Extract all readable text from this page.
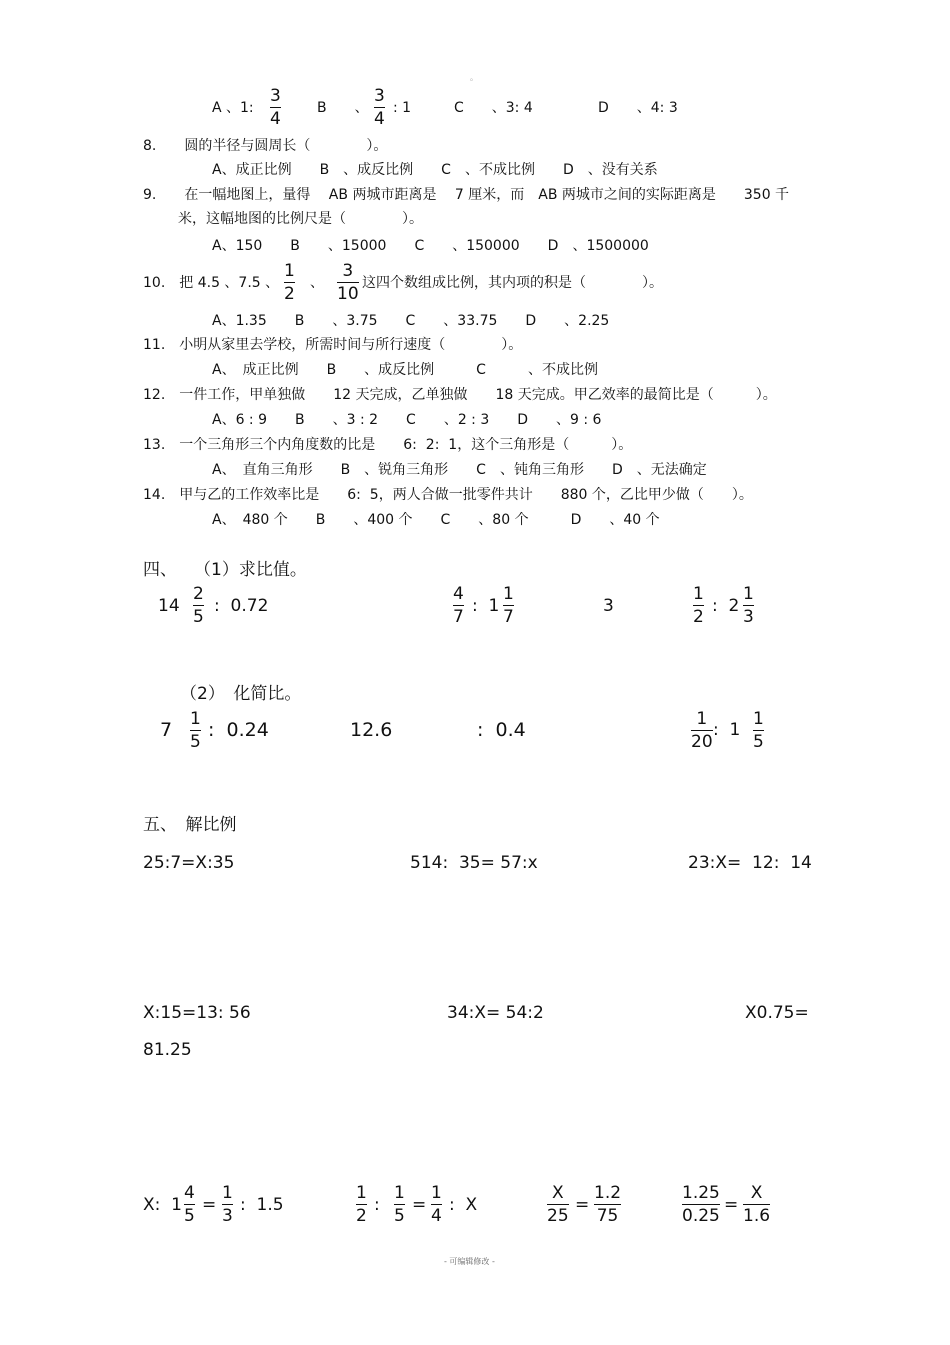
。
A 、1:
3
4
B　　、
3
4
: 1	C　　、3: 4	D　　、4: 3
8.　　圆的半径与圆周长（　　　　）。
A、成正比例　　B　、成反比例　　C　、不成比例　　D　、没有关系
9.　　在一幅地图上，量得　 AB 两城市距离是　 7 厘米，而　AB 两城市之间的实际距离是　　350 千
米，这幅地图的比例尺是（　　　　）。
A、150　　B　　、15000　　C　　、150000　　D　、1500000
10.　把 4.5 、7.5 、
1
2
、
3
10
这四个数组成比例，其内项的积是（　　　　）。
A、1.35　　B　　、3.75　　C　　、33.75　　D　　、2.25
11.　小明从家里去学校，所需时间与所行速度（　　　　）。
A、　成正比例　　B　　、成反比例　　　C　　　、不成比例
12.　一件工作，甲单独做　　12 天完成，乙单独做　　18 天完成。甲乙效率的最简比是（　　　）。
A、6 : 9　　B　　、3 : 2　　C　　、2 : 3　　D　　、9 : 6
13.　一个三角形三个内角度数的比是　　6:  2:  1，这个三角形是（　　　）。
A、　直角三角形　　B　、锐角三角形　　C　、钝角三角形　　D　、无法确定
14.　甲与乙的工作效率比是　　6:  5，两人合做一批零件共计　　880 个，乙比甲少做（　　）。
A、　480 个　　B　　、400 个　　C　　、80 个　　　D　　、40 个
四、　　（1）求比值。
14
2
5
:  0.72
4
7
:  1
1
7
3
1
2
:  2
1
3
（2）　化简比。
7 1
5
:  0.24	12.6	:  0.4	1
20
:  1
1
5
五、　解比例
25:7=X:35	514:  35= 57:x	23:X=  12:  14
X:15=13: 56	34:X= 54:2	X0.75=
81.25
X:  1
4
5
=
1
3
:  1.5
1
2
:
1
5
=
1
4
:  X
X
25
=
1.2
75
1.25
0.25
=
X
1.6
- 可编辑修改 -
